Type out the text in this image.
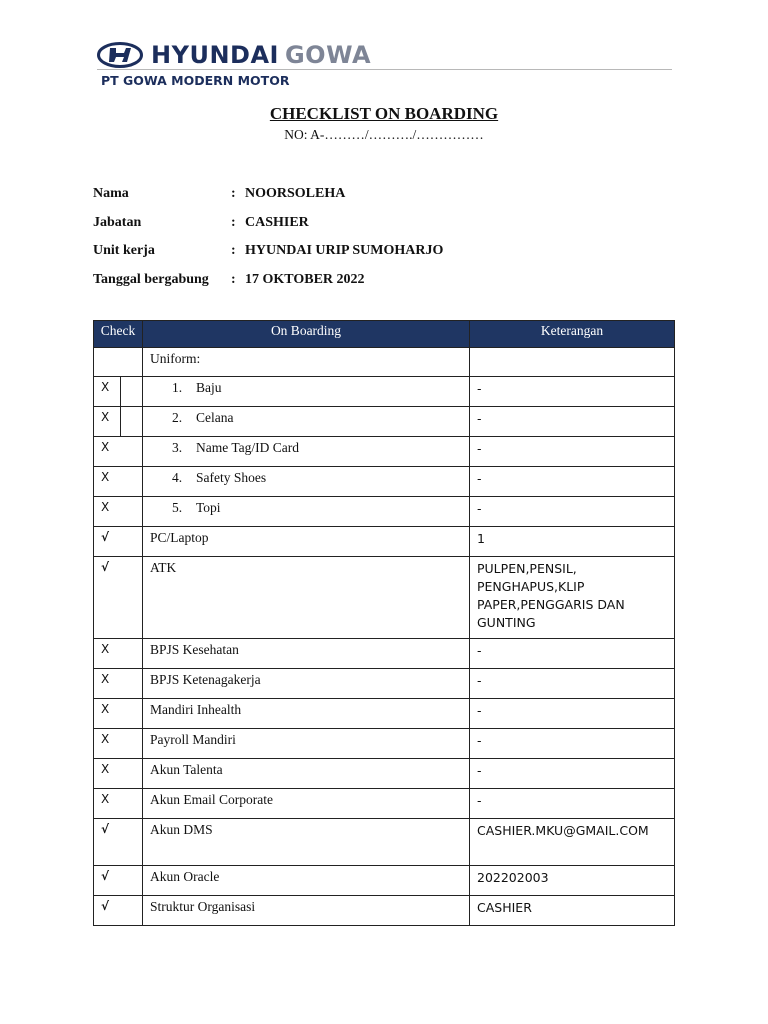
HYUNDAI GOWA
PT GOWA MODERN MOTOR
CHECKLIST ON BOARDING
NO: A-………/………./……………
Nama	: NOORSOLEHA
Jabatan	: CASHIER
Unit kerja	: HYUNDAI URIP SUMOHARJO
Tanggal bergabung	: 17 OKTOBER 2022
Check	On Boarding	Keterangan
	Uniform:	
X	1. Baju	-
X	2. Celana	-
X	3. Name Tag/ID Card	-
X	4. Safety Shoes	-
X	5. Topi	-
√	PC/Laptop	1
√	ATK	PULPEN,PENSIL, PENGHAPUS,KLIP PAPER,PENGGARIS DAN GUNTING
X	BPJS Kesehatan	-
X	BPJS Ketenagakerja	-
X	Mandiri Inhealth	-
X	Payroll Mandiri	-
X	Akun Talenta	-
X	Akun Email Corporate	-
√	Akun DMS	CASHIER.MKU@GMAIL.COM
√	Akun Oracle	202202003
√	Struktur Organisasi	CASHIER
